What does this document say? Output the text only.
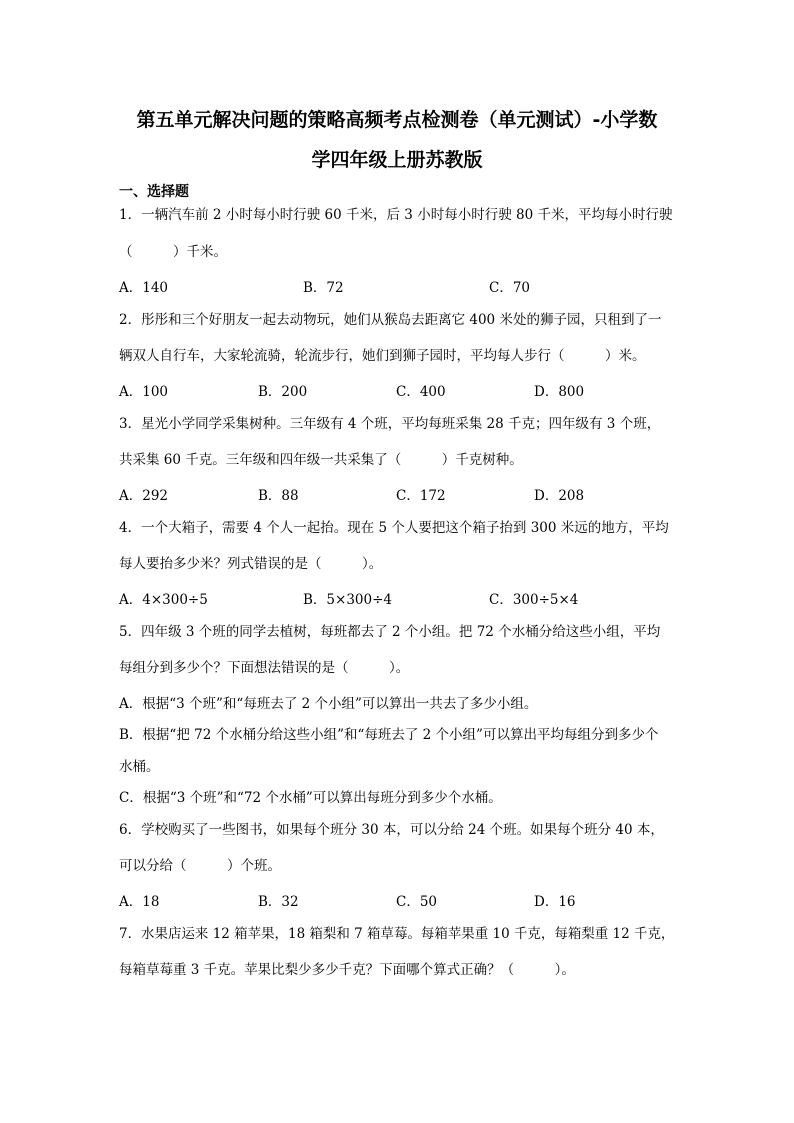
第五单元解决问题的策略高频考点检测卷（单元测试）-小学数
学四年级上册苏教版
一、选择题
1．一辆汽车前 2 小时每小时行驶 60 千米，后 3 小时每小时行驶 80 千米，平均每小时行驶
（　　　）千米。
A．140	B．72	C．70
2．彤彤和三个好朋友一起去动物玩，她们从猴岛去距离它 400 米处的狮子园，只租到了一
辆双人自行车，大家轮流骑，轮流步行，她们到狮子园时，平均每人步行（　　　）米。
A．100	B．200	C．400	D．800
3．星光小学同学采集树种。三年级有 4 个班，平均每班采集 28 千克；四年级有 3 个班，
共采集 60 千克。三年级和四年级一共采集了（　　　）千克树种。
A．292	B．88	C．172	D．208
4．一个大箱子，需要 4 个人一起抬。现在 5 个人要把这个箱子抬到 300 米远的地方，平均
每人要抬多少米？列式错误的是（　　　）。
A．4×300÷5	B．5×300÷4	C．300÷5×4
5．四年级 3 个班的同学去植树，每班都去了 2 个小组。把 72 个水桶分给这些小组，平均
每组分到多少个？下面想法错误的是（　　　）。
A．根据“3 个班”和“每班去了 2 个小组”可以算出一共去了多少小组。
B．根据“把 72 个水桶分给这些小组”和“每班去了 2 个小组”可以算出平均每组分到多少个
水桶。
C．根据“3 个班”和“72 个水桶”可以算出每班分到多少个水桶。
6．学校购买了一些图书，如果每个班分 30 本，可以分给 24 个班。如果每个班分 40 本，
可以分给（　　　）个班。
A．18	B．32	C．50	D．16
7．水果店运来 12 箱苹果，18 箱梨和 7 箱草莓。每箱苹果重 10 千克，每箱梨重 12 千克，
每箱草莓重 3 千克。苹果比梨少多少千克？下面哪个算式正确？（　　　）。
